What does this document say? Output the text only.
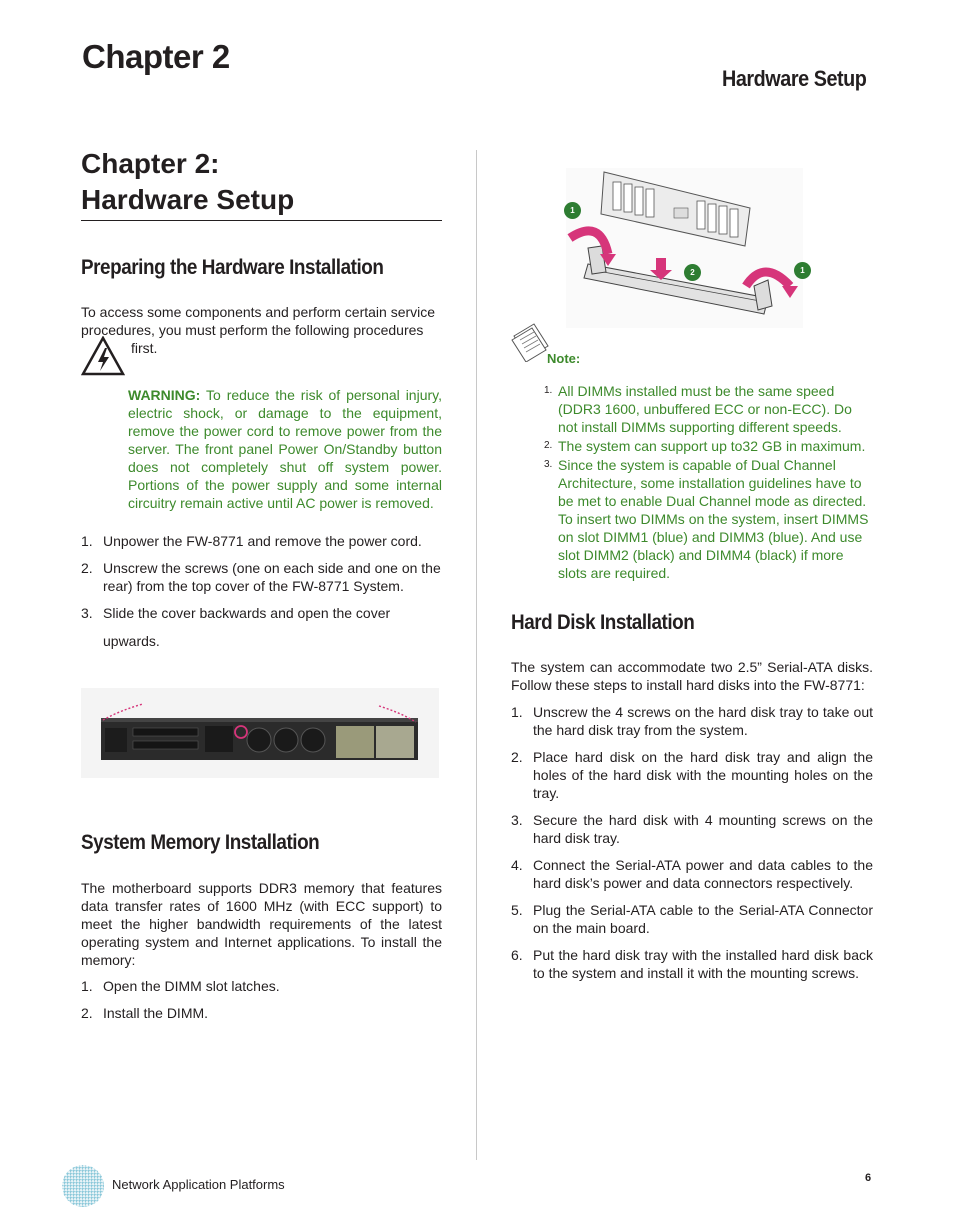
Chapter 2
Hardware Setup
Chapter 2:
Hardware Setup
Preparing the Hardware Installation
To access some components and perform certain service
procedures, you must perform the following procedures
first.
WARNING: To reduce the risk of personal injury, electric shock, or damage to the equipment, remove the power cord to remove power from the server. The front panel Power On/Standby button does not completely shut off system power. Portions of the power supply and some internal circuitry remain active until AC power is removed.
1. Unpower the FW-8771 and remove the power cord.
2. Unscrew the screws (one on each side and one on the rear) from the top cover of the FW-8771 System.
3. Slide the cover backwards and open the cover
upwards.
System Memory Installation
The motherboard supports DDR3 memory that features data transfer rates of 1600 MHz (with ECC support) to meet the higher bandwidth requirements of the latest operating system and Internet applications. To install the memory:
1. Open the DIMM slot latches.
2. Install the DIMM.
1
2	1
Note:
1. All DIMMs installed must be the same speed (DDR3 1600, unbuffered ECC or non-ECC). Do not install DIMMs supporting different speeds.
2. The system can support up to32 GB in maximum.
3. Since the system is capable of Dual Channel Architecture, some installation guidelines have to be met to enable Dual Channel mode as directed. To insert two DIMMs on the system, insert DIMMS on slot DIMM1 (blue) and DIMM3 (blue). And use slot DIMM2 (black) and DIMM4 (black) if more slots are required.
Hard Disk Installation
The system can accommodate two 2.5” Serial-ATA disks. Follow these steps to install hard disks into the FW-8771:
1. Unscrew the 4 screws on the hard disk tray to take out the hard disk tray from the system.
2. Place hard disk on the hard disk tray and align the holes of the hard disk with the mounting holes on the tray.
3. Secure the hard disk with 4 mounting screws on the hard disk tray.
4. Connect the Serial-ATA power and data cables to the hard disk’s power and data connectors respectively.
5. Plug the Serial-ATA cable to the Serial-ATA Connector on the main board.
6. Put the hard disk tray with the installed hard disk back to the system and install it with the mounting screws.
Network Application Platforms	6
